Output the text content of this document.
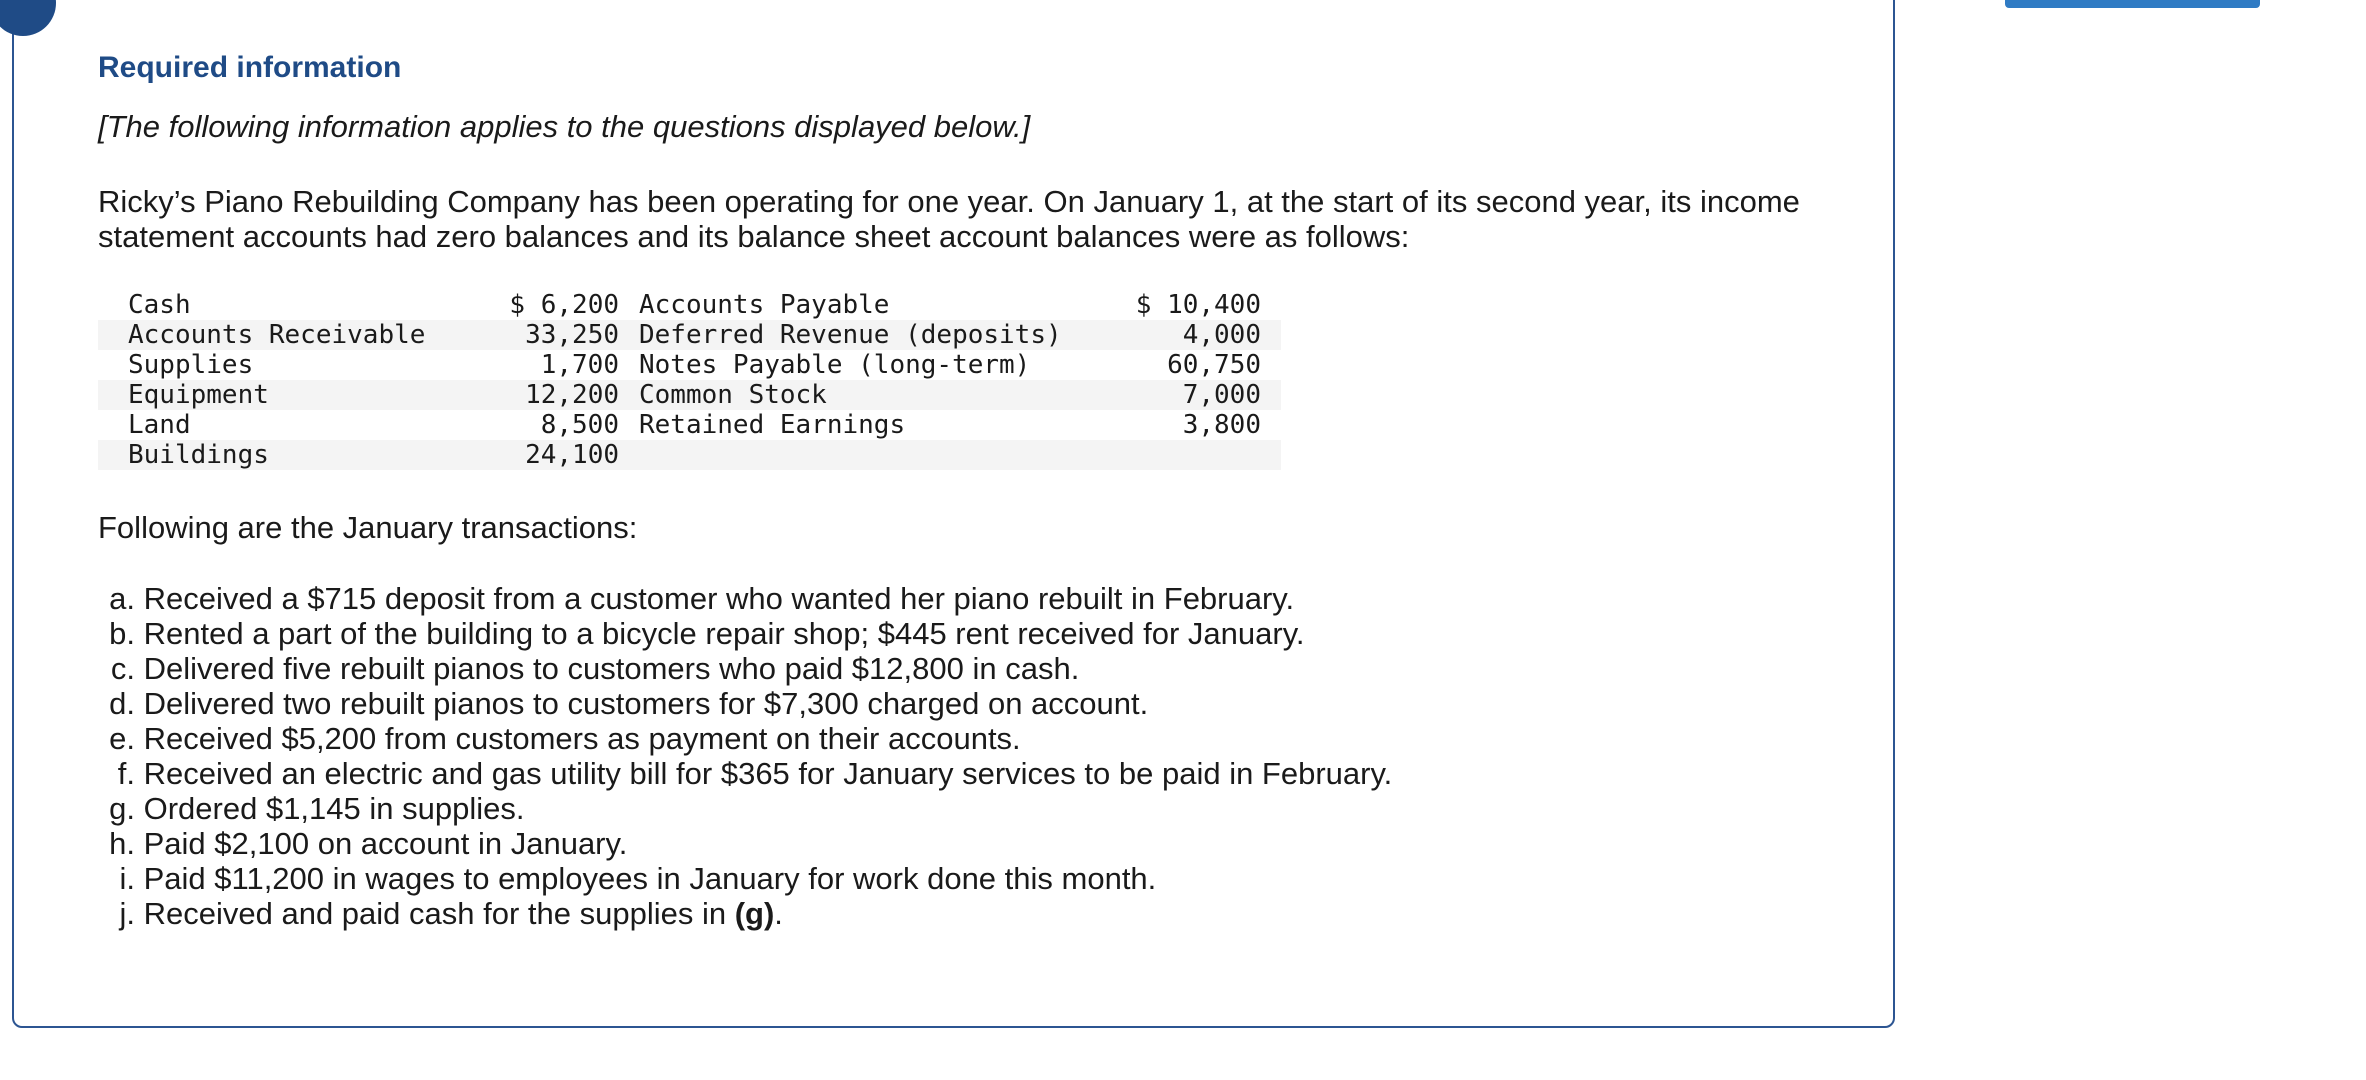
Required information

[The following information applies to the questions displayed below.]

Ricky’s Piano Rebuilding Company has been operating for one year. On January 1, at the start of its second year, its income statement accounts had zero balances and its balance sheet account balances were as follows:

Cash	$ 6,200	Accounts Payable	$ 10,400	
Accounts Receivable	33,250	Deferred Revenue (deposits)	4,000	
Supplies	1,700	Notes Payable (long-term)	60,750	
Equipment	12,200	Common Stock	7,000	
Land	8,500	Retained Earnings	3,800	
Buildings	24,100			

Following are the January transactions:

a. Received a $715 deposit from a customer who wanted her piano rebuilt in February.
b. Rented a part of the building to a bicycle repair shop; $445 rent received for January.
c. Delivered five rebuilt pianos to customers who paid $12,800 in cash.
d. Delivered two rebuilt pianos to customers for $7,300 charged on account.
e. Received $5,200 from customers as payment on their accounts.
f. Received an electric and gas utility bill for $365 for January services to be paid in February.
g. Ordered $1,145 in supplies.
h. Paid $2,100 on account in January.
i. Paid $11,200 in wages to employees in January for work done this month.
j. Received and paid cash for the supplies in (g).
